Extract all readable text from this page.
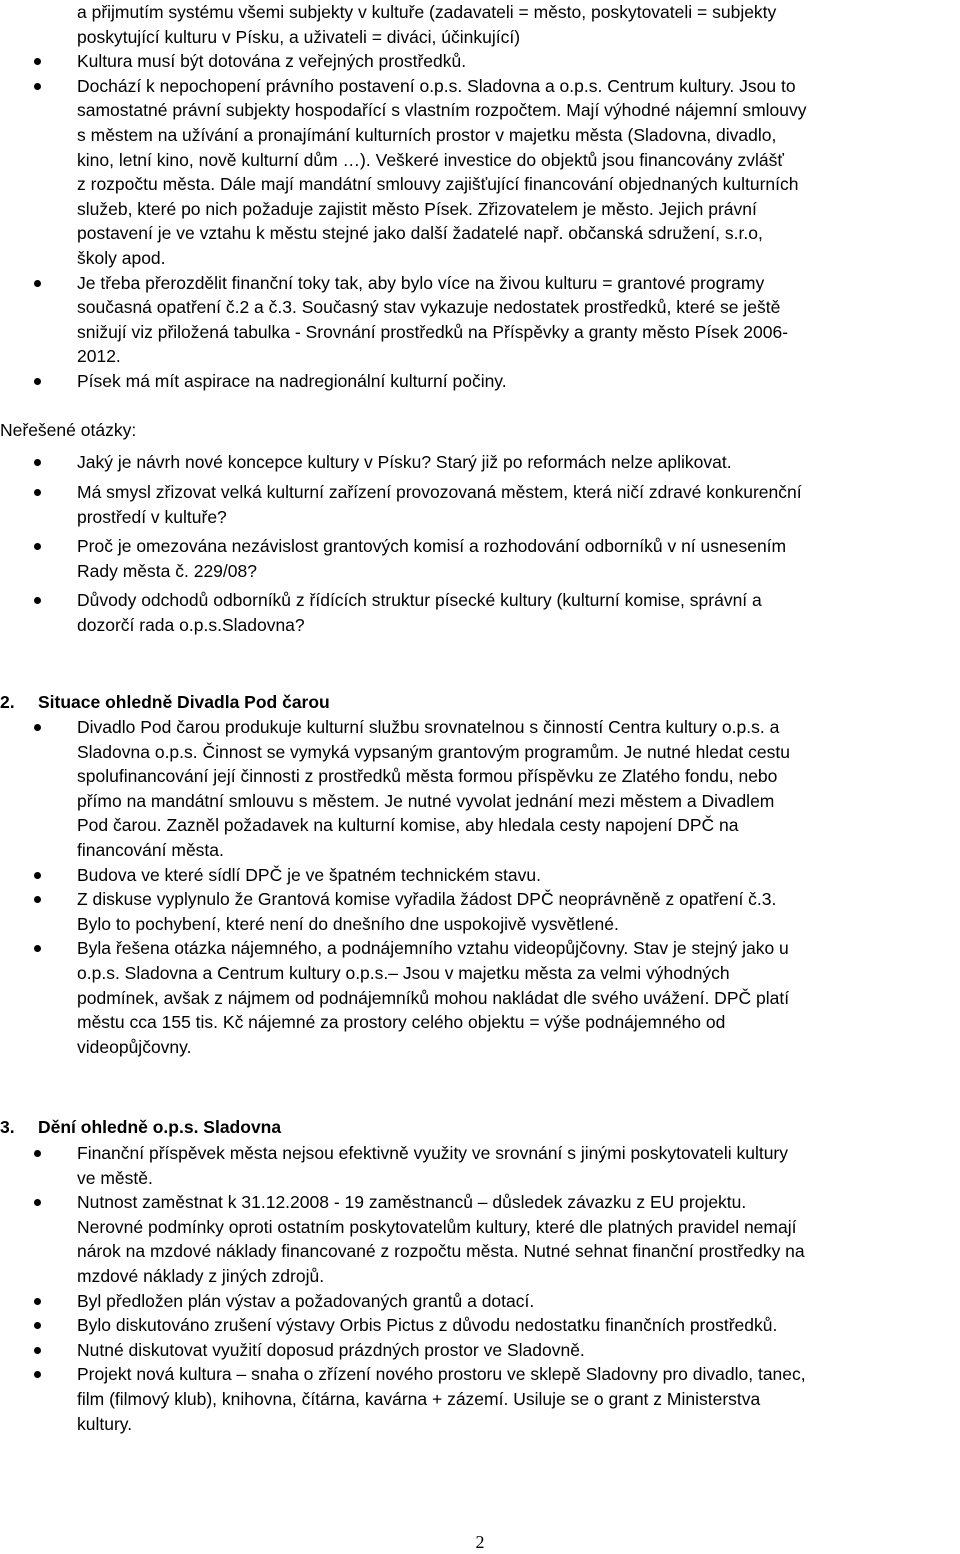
a přijmutím systému všemi subjekty v kultuře (zadavateli = město, poskytovateli = subjekty
poskytující kulturu v Písku, a uživateli = diváci, účinkující)
Kultura musí být dotována z veřejných prostředků.
Dochází k nepochopení právního postavení o.p.s. Sladovna a o.p.s. Centrum kultury. Jsou to
samostatné právní subjekty hospodařící s vlastním rozpočtem. Mají výhodné nájemní smlouvy
s městem na užívání a pronajímání kulturních prostor v majetku města (Sladovna, divadlo,
kino, letní kino, nově kulturní dům …). Veškeré investice do objektů jsou financovány zvlášť
z rozpočtu města. Dále mají mandátní smlouvy zajišťující financování objednaných kulturních
služeb, které po nich požaduje zajistit město Písek. Zřizovatelem je město. Jejich právní
postavení je ve vztahu k městu stejné jako další žadatelé např. občanská sdružení, s.r.o,
školy apod.
Je třeba přerozdělit finanční toky tak, aby bylo více na živou kulturu = grantové programy
současná opatření č.2 a č.3. Současný stav vykazuje nedostatek prostředků, které se ještě
snižují viz přiložená tabulka - Srovnání prostředků na Příspěvky a granty město Písek 2006-
2012.
Písek má mít aspirace na nadregionální kulturní počiny.
Neřešené otázky:
Jaký je návrh nové koncepce kultury v Písku? Starý již po reformách nelze aplikovat.
Má smysl zřizovat velká kulturní zařízení provozovaná městem, která ničí zdravé konkurenční
prostředí v kultuře?
Proč je omezována nezávislost grantových komisí a rozhodování odborníků v ní usnesením
Rady města č. 229/08?
Důvody odchodů odborníků z řídících struktur písecké kultury (kulturní komise, správní a
dozorčí rada o.p.s.Sladovna?
2. Situace ohledně Divadla Pod čarou
Divadlo Pod čarou produkuje kulturní službu srovnatelnou s činností Centra kultury o.p.s. a
Sladovna o.p.s. Činnost se vymyká vypsaným grantovým programům. Je nutné hledat cestu
spolufinancování její činnosti z prostředků města formou příspěvku ze Zlatého fondu, nebo
přímo na mandátní smlouvu s městem. Je nutné vyvolat jednání mezi městem a Divadlem
Pod čarou. Zazněl požadavek na kulturní komise, aby hledala cesty napojení DPČ na
financování města.
Budova ve které sídlí DPČ je ve špatném technickém stavu.
Z diskuse vyplynulo že Grantová komise vyřadila žádost DPČ neoprávněně z opatření č.3.
Bylo to pochybení, které není do dnešního dne uspokojivě vysvětlené.
Byla řešena otázka nájemného, a podnájemního vztahu videopůjčovny. Stav je stejný jako u
o.p.s. Sladovna a Centrum kultury o.p.s.– Jsou v majetku města za velmi výhodných
podmínek, avšak z nájmem od podnájemníků mohou nakládat dle svého uvážení. DPČ platí
městu cca 155 tis. Kč nájemné za prostory celého objektu = výše podnájemného od
videopůjčovny.
3. Dění ohledně o.p.s. Sladovna
Finanční příspěvek města nejsou efektivně využity ve srovnání s jinými poskytovateli kultury
ve městě.
Nutnost zaměstnat k 31.12.2008 - 19 zaměstnanců – důsledek závazku z EU projektu.
Nerovné podmínky oproti ostatním poskytovatelům kultury, které dle platných pravidel nemají
nárok na mzdové náklady financované z rozpočtu města. Nutné sehnat finanční prostředky na
mzdové náklady z jiných zdrojů.
Byl předložen plán výstav a požadovaných grantů a dotací.
Bylo diskutováno zrušení výstavy Orbis Pictus z důvodu nedostatku finančních prostředků.
Nutné diskutovat využití doposud prázdných prostor ve Sladovně.
Projekt nová kultura – snaha o zřízení nového prostoru ve sklepě Sladovny pro divadlo, tanec,
film (filmový klub), knihovna, čítárna, kavárna + zázemí. Usiluje se o grant z Ministerstva
kultury.
2
